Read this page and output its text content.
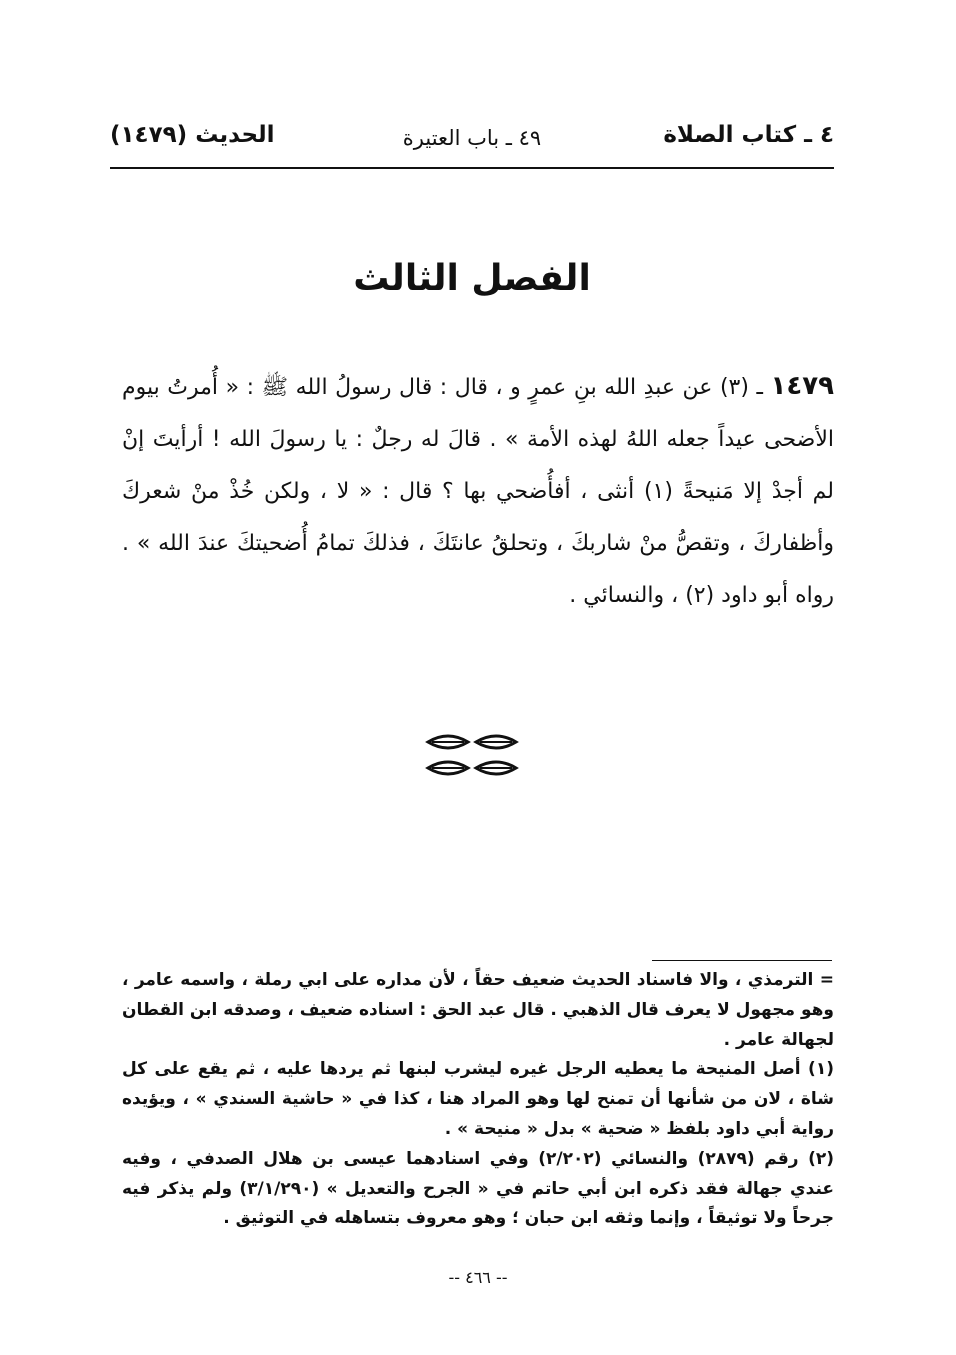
٤ ـ كتاب الصلاة
٤٩ ـ باب العتيرة
الحديث (١٤٧٩)
الفصل الثالث
١٤٧٩ ـ (٣) عن عبدِ الله بنِ عمرٍ و ، قال : قال رسولُ الله ﷺ : « أُمرتُ بيوم الأضحى عيداً جعله اللهُ لهذه الأمة » . قالَ له رجلٌ : يا رسولَ الله ! أرأيتَ إنْ لم أجدْ إلا مَنيحةً (١) أنثى ، أفأُضحي بها ؟ قال : « لا ، ولكن خُذْ منْ شعركَ وأظفاركَ ، وتقصُّ منْ شاربكَ ، وتحلقُ عانتَكَ ، فذلكَ تمامُ أُضحيتكَ عندَ الله » . رواه أبو داود (٢) ، والنسائي .

= الترمذي ، والا فاسناد الحديث ضعيف حقاً ، لأن مداره على ابي رملة ، واسمه عامر ، وهو مجهول لا يعرف قال الذهبي . قال عبد الحق : اسناده ضعيف ، وصدقه ابن القطان لجهالة عامر .

(١) أصل المنيحة ما يعطيه الرجل غيره ليشرب لبنها ثم يردها عليه ، ثم يقع على كل شاة ، لان من شأنها أن تمنح لها وهو المراد هنا ، كذا في « حاشية السندي » ، ويؤيده رواية أبي داود بلفظ « ضحية » بدل « منيحة » .

(٢) رقم (٢٨٧٩) والنسائي (٢/٢٠٢) وفي اسنادهما عيسى بن هلال الصدفي ، وفيه عندي جهالة فقد ذكره ابن أبي حاتم في « الجرح والتعديل » (٣/١/٢٩٠) ولم يذكر فيه جرحاً ولا توثيقاً ، وإنما وثقه ابن حبان ؛ وهو معروف بتساهله في التوثيق .

-- ٤٦٦ --
